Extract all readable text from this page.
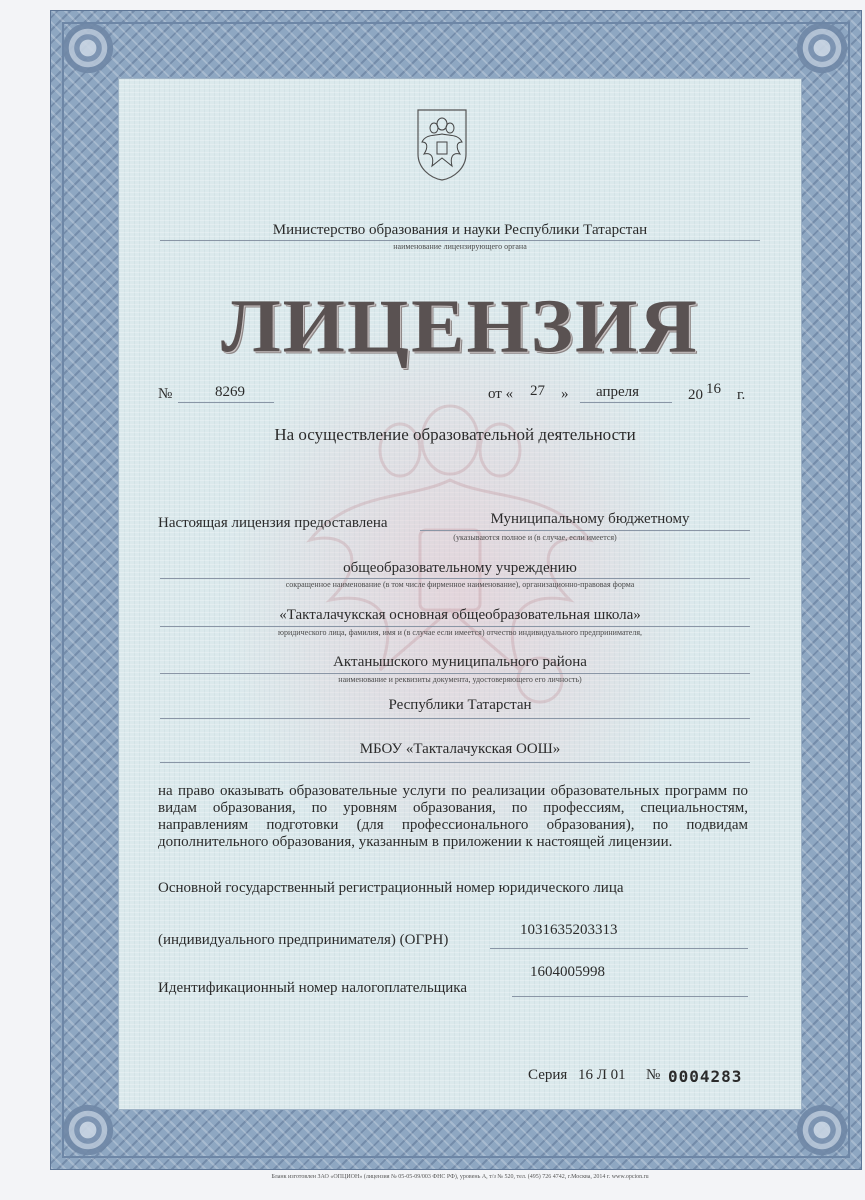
Министерство образования и науки Республики Татарстан
наименование лицензирующего органа
ЛИЦЕНЗИЯ
№	8269	от « 27 » апреля	20 16 г.
На осуществление образовательной деятельности
Настоящая лицензия предоставлена	Муниципальному бюджетному
(указываются полное и (в случае, если имеется)
общеобразовательному учреждению
сокращенное наименование (в том числе фирменное наименование), организационно-правовая форма
«Такталачукская основная общеобразовательная школа»
юридического лица, фамилия, имя и (в случае если имеется) отчество индивидуального предпринимателя,
Актанышского муниципального района
наименование и реквизиты документа, удостоверяющего его личность)
Республики Татарстан
МБОУ «Такталачукская ООШ»
на право оказывать образовательные услуги по реализации образовательных программ по видам образования, по уровням образования, по профессиям, специальностям, направлениям подготовки (для профессионального образования), по подвидам дополнительного образования, указанным в приложении к настоящей лицензии.
Основной государственный регистрационный номер юридического лица
(индивидуального предпринимателя) (ОГРН)
1031635203313
Идентификационный номер налогоплательщика
1604005998
Серия 16 Л 01 № 0004283
Бланк изготовлен ЗАО «ОПЦИОН» (лицензия № 05-05-09/003 ФНС РФ), уровень А, т/з № 520, тел. (495) 726 4742, г.Москва, 2014 г. www.opcion.ru
